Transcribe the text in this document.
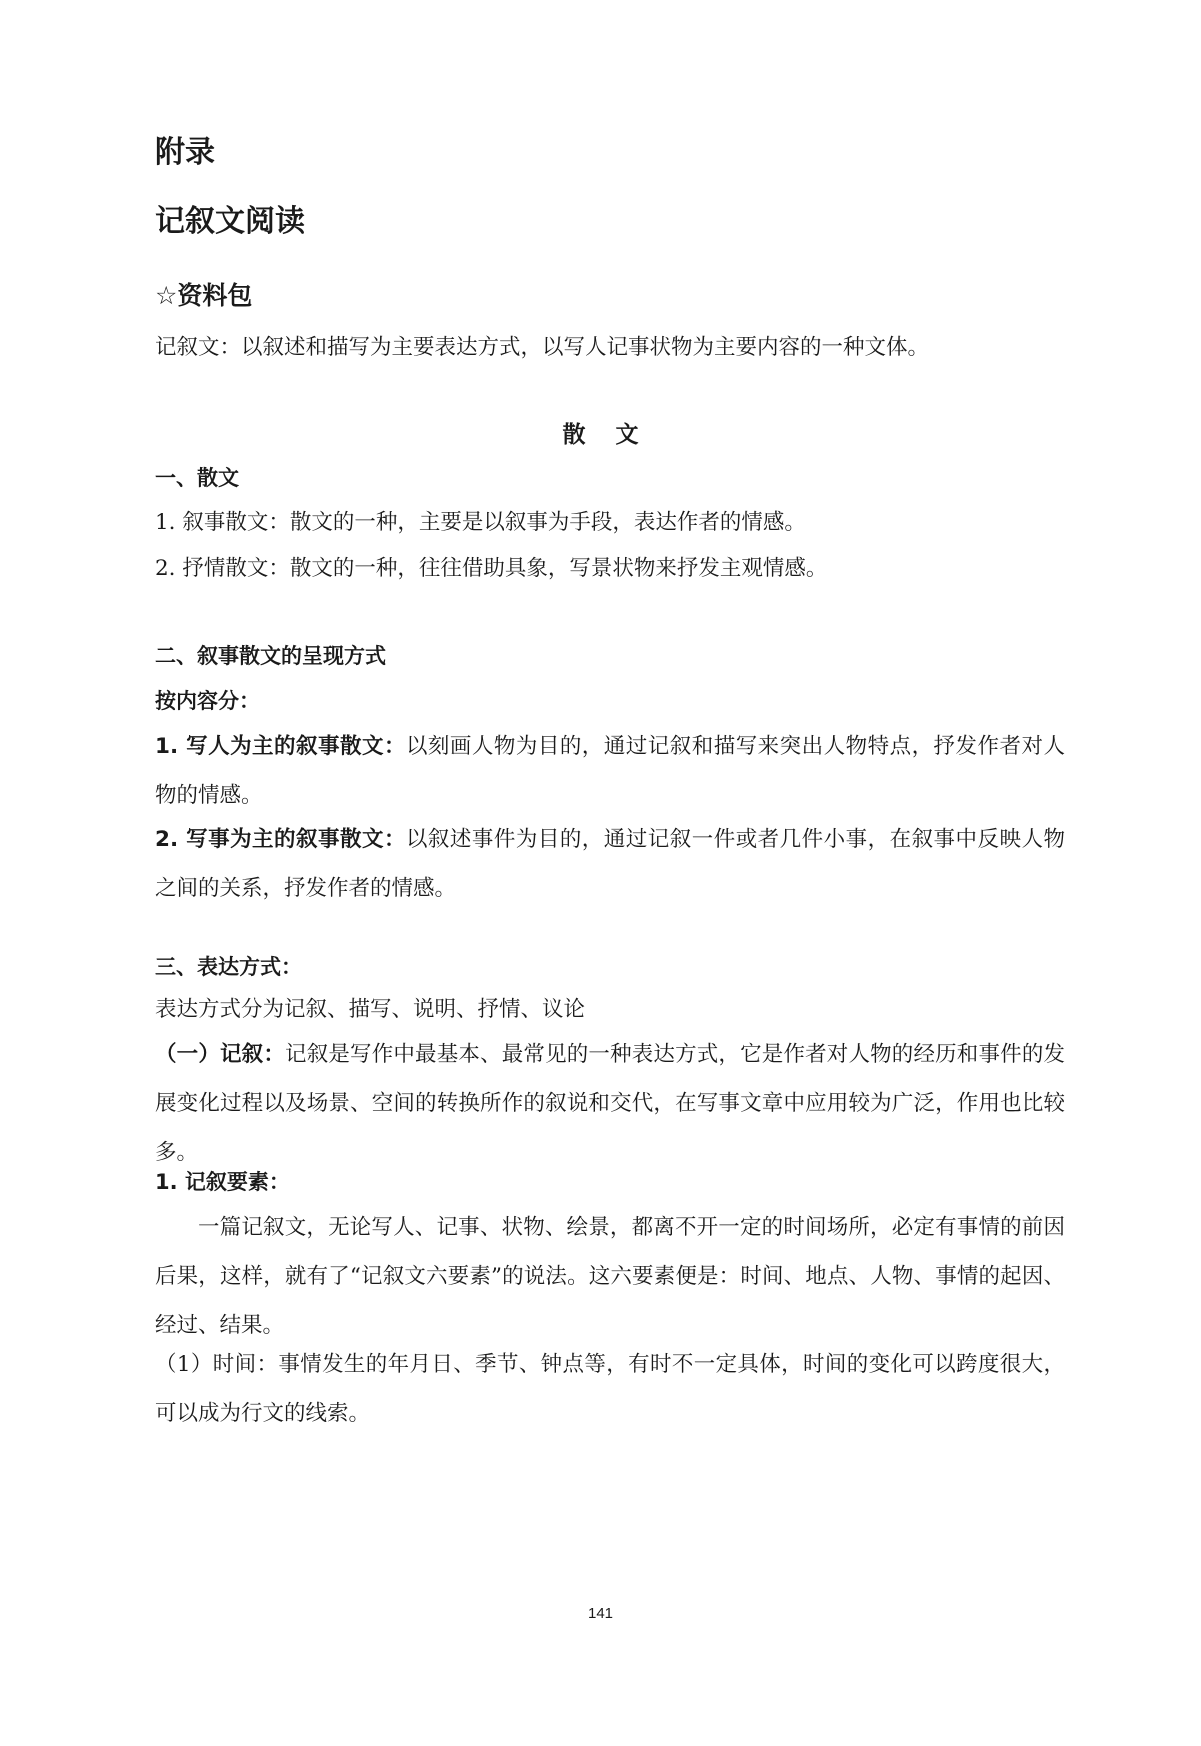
附录
记叙文阅读
☆资料包
记叙文：以叙述和描写为主要表达方式，以写人记事状物为主要内容的一种文体。
散文
一、散文
1. 叙事散文：散文的一种，主要是以叙事为手段，表达作者的情感。
2. 抒情散文：散文的一种，往往借助具象，写景状物来抒发主观情感。
二、叙事散文的呈现方式
按内容分：
1. 写人为主的叙事散文：以刻画人物为目的，通过记叙和描写来突出人物特点，抒发作者对人物的情感。
2. 写事为主的叙事散文：以叙述事件为目的，通过记叙一件或者几件小事，在叙事中反映人物之间的关系，抒发作者的情感。
三、表达方式：
表达方式分为记叙、描写、说明、抒情、议论
（一）记叙：记叙是写作中最基本、最常见的一种表达方式，它是作者对人物的经历和事件的发展变化过程以及场景、空间的转换所作的叙说和交代，在写事文章中应用较为广泛，作用也比较多。
1. 记叙要素：
一篇记叙文，无论写人、记事、状物、绘景，都离不开一定的时间场所，必定有事情的前因后果，这样，就有了“记叙文六要素”的说法。这六要素便是：时间、地点、人物、事情的起因、经过、结果。
（1）时间：事情发生的年月日、季节、钟点等，有时不一定具体，时间的变化可以跨度很大，可以成为行文的线索。
141
